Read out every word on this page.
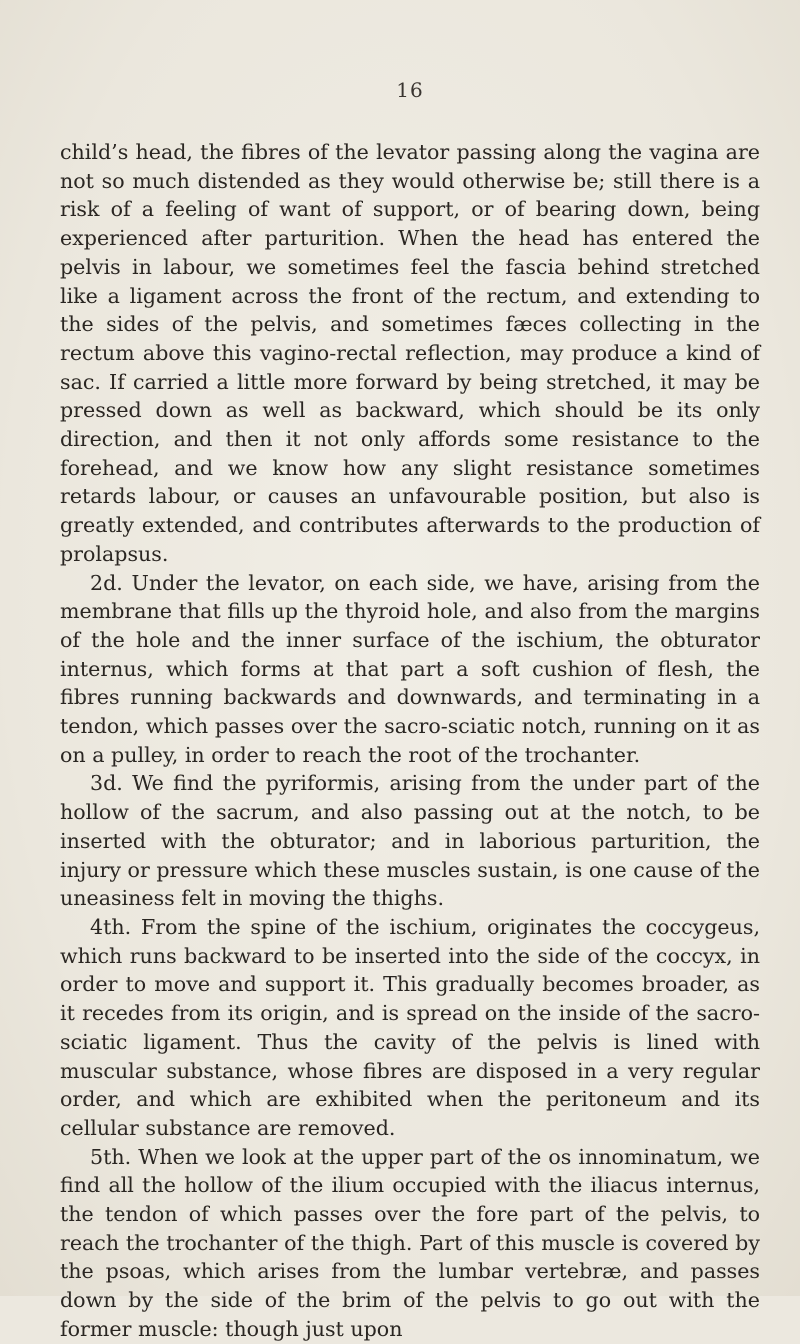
16

child’s head, the fibres of the levator passing along the vagina are not so much distended as they would otherwise be; still there is a risk of a feeling of want of support, or of bearing down, being experienced after parturition. When the head has entered the pelvis in labour, we sometimes feel the fascia behind stretched like a ligament across the front of the rectum, and extending to the sides of the pelvis, and sometimes fæces collecting in the rectum above this vagino-rectal reflection, may produce a kind of sac. If carried a little more forward by being stretched, it may be pressed down as well as backward, which should be its only direction, and then it not only affords some resistance to the forehead, and we know how any slight resistance sometimes retards labour, or causes an unfavourable position, but also is greatly extended, and contributes afterwards to the production of prolapsus.

2d. Under the levator, on each side, we have, arising from the membrane that fills up the thyroid hole, and also from the margins of the hole and the inner surface of the ischium, the obturator internus, which forms at that part a soft cushion of flesh, the fibres running backwards and downwards, and terminating in a tendon, which passes over the sacro-sciatic notch, running on it as on a pulley, in order to reach the root of the trochanter.

3d. We find the pyriformis, arising from the under part of the hollow of the sacrum, and also passing out at the notch, to be inserted with the obturator; and in laborious parturition, the injury or pressure which these muscles sustain, is one cause of the uneasiness felt in moving the thighs.

4th. From the spine of the ischium, originates the coccygeus, which runs backward to be inserted into the side of the coccyx, in order to move and support it. This gradually becomes broader, as it recedes from its origin, and is spread on the inside of the sacro-sciatic ligament. Thus the cavity of the pelvis is lined with muscular substance, whose fibres are disposed in a very regular order, and which are exhibited when the peritoneum and its cellular substance are removed.

5th. When we look at the upper part of the os innominatum, we find all the hollow of the ilium occupied with the iliacus internus, the tendon of which passes over the fore part of the pelvis, to reach the trochanter of the thigh. Part of this muscle is covered by the psoas, which arises from the lumbar vertebræ, and passes down by the side of the brim of the pelvis to go out with the former muscle: though just upon
